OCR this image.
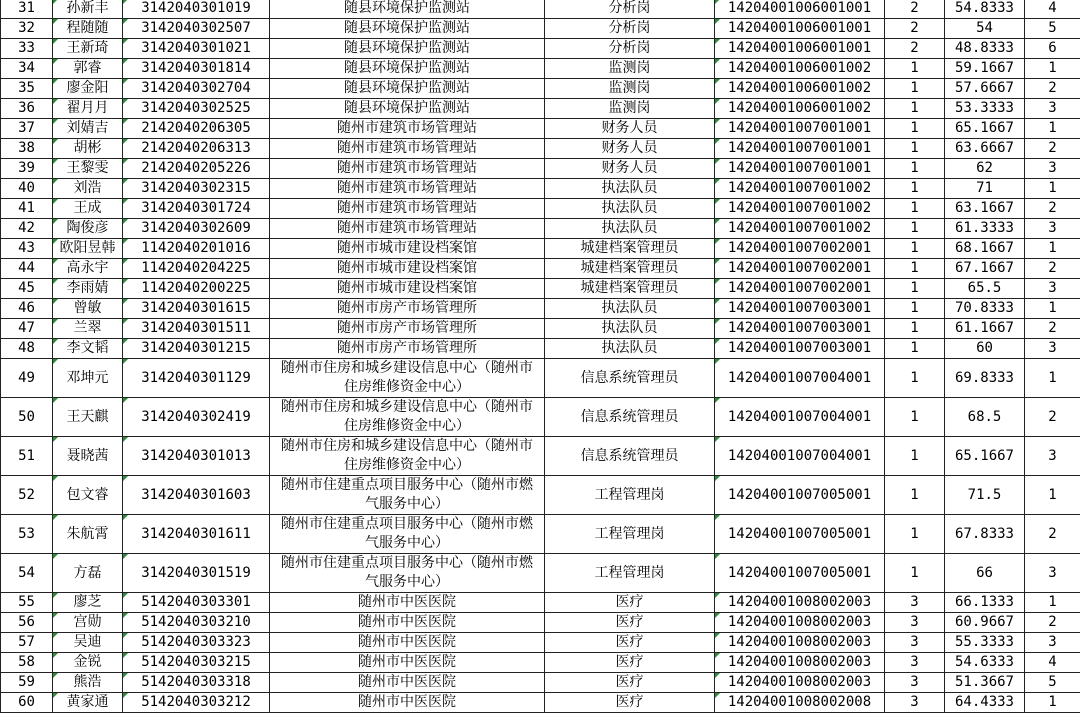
31	孙新丰	3142040301019	随县环境保护监测站	分析岗	14204001006001001	2	54.8333	4
32	程随随	3142040302507	随县环境保护监测站	分析岗	14204001006001001	2	54	5
33	王新琦	3142040301021	随县环境保护监测站	分析岗	14204001006001001	2	48.8333	6
34	郭睿	3142040301814	随县环境保护监测站	监测岗	14204001006001002	1	59.1667	1
35	廖金阳	3142040302704	随县环境保护监测站	监测岗	14204001006001002	1	57.6667	2
36	翟月月	3142040302525	随县环境保护监测站	监测岗	14204001006001002	1	53.3333	3
37	刘婧吉	2142040206305	随州市建筑市场管理站	财务人员	14204001007001001	1	65.1667	1
38	胡彬	2142040206313	随州市建筑市场管理站	财务人员	14204001007001001	1	63.6667	2
39	王黎雯	2142040205226	随州市建筑市场管理站	财务人员	14204001007001001	1	62	3
40	刘浩	3142040302315	随州市建筑市场管理站	执法队员	14204001007001002	1	71	1
41	王成	3142040301724	随州市建筑市场管理站	执法队员	14204001007001002	1	63.1667	2
42	陶俊彦	3142040302609	随州市建筑市场管理站	执法队员	14204001007001002	1	61.3333	3
43	欧阳昱韩	1142040201016	随州市城市建设档案馆	城建档案管理员	14204001007002001	1	68.1667	1
44	高永宇	1142040204225	随州市城市建设档案馆	城建档案管理员	14204001007002001	1	67.1667	2
45	李雨婧	1142040200225	随州市城市建设档案馆	城建档案管理员	14204001007002001	1	65.5	3
46	曾敏	3142040301615	随州市房产市场管理所	执法队员	14204001007003001	1	70.8333	1
47	兰翠	3142040301511	随州市房产市场管理所	执法队员	14204001007003001	1	61.1667	2
48	李文韬	3142040301215	随州市房产市场管理所	执法队员	14204001007003001	1	60	3
49	邓坤元	3142040301129	随州市住房和城乡建设信息中心（随州市住房维修资金中心）	信息系统管理员	14204001007004001	1	69.8333	1
50	王天麒	3142040302419	随州市住房和城乡建设信息中心（随州市住房维修资金中心）	信息系统管理员	14204001007004001	1	68.5	2
51	聂晓茜	3142040301013	随州市住房和城乡建设信息中心（随州市住房维修资金中心）	信息系统管理员	14204001007004001	1	65.1667	3
52	包文睿	3142040301603	随州市住建重点项目服务中心（随州市燃气服务中心）	工程管理岗	14204001007005001	1	71.5	1
53	朱航霄	3142040301611	随州市住建重点项目服务中心（随州市燃气服务中心）	工程管理岗	14204001007005001	1	67.8333	2
54	方磊	3142040301519	随州市住建重点项目服务中心（随州市燃气服务中心）	工程管理岗	14204001007005001	1	66	3
55	廖芝	5142040303301	随州市中医医院	医疗	14204001008002003	3	66.1333	1
56	宫勋	5142040303210	随州市中医医院	医疗	14204001008002003	3	60.9667	2
57	吴迪	5142040303323	随州市中医医院	医疗	14204001008002003	3	55.3333	3
58	金锐	5142040303215	随州市中医医院	医疗	14204001008002003	3	54.6333	4
59	熊浩	5142040303318	随州市中医医院	医疗	14204001008002003	3	51.3667	5
60	黄家通	5142040303212	随州市中医医院	医疗	14204001008002008	3	64.4333	1
